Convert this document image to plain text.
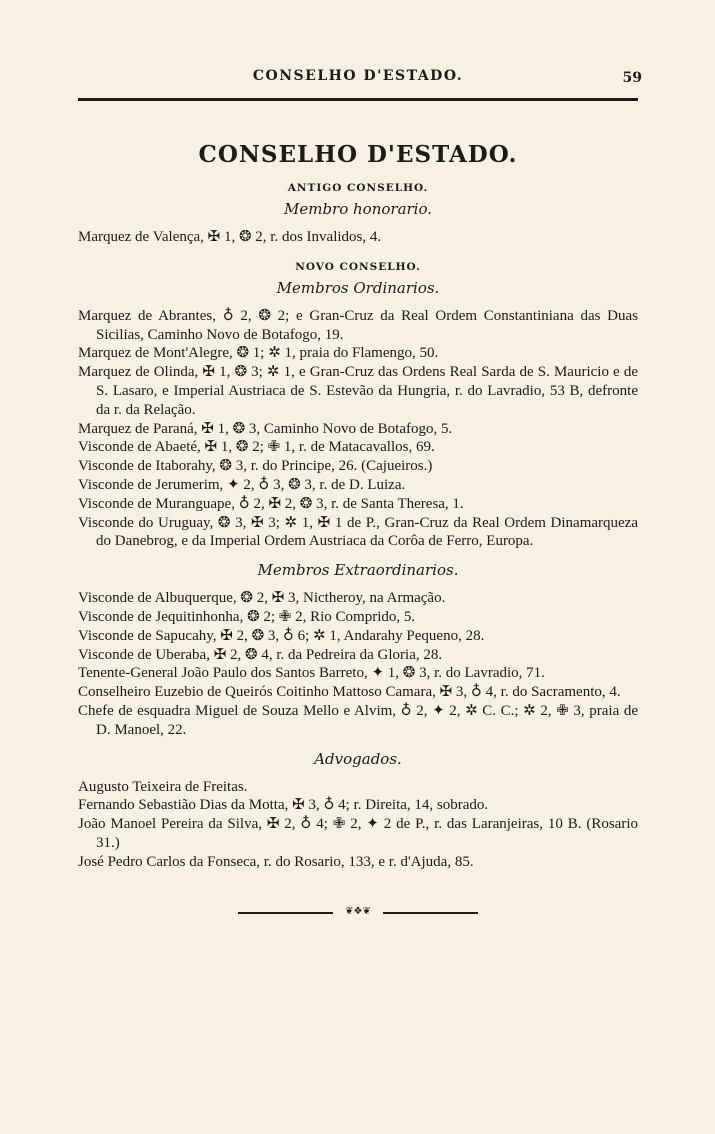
CONSELHO D'ESTADO.	59
CONSELHO D'ESTADO.
ANTIGO CONSELHO.
Membro honorario.
Marquez de Valença, ✠ 1, ❂ 2, r. dos Invalidos, 4.
NOVO CONSELHO.
Membros Ordinarios.
Marquez de Abrantes, ♁ 2, ❂ 2; e Gran-Cruz da Real Ordem Constantiniana das Duas Sicilias, Caminho Novo de Botafogo, 19.
Marquez de Mont'Alegre, ❂ 1; ✲ 1, praia do Flamengo, 50.
Marquez de Olinda, ✠ 1, ❂ 3; ✲ 1, e Gran-Cruz das Ordens Real Sarda de S. Mauricio e de S. Lasaro, e Imperial Austriaca de S. Estevão da Hungria, r. do Lavradio, 53 B, defronte da r. da Relação.
Marquez de Paraná, ✠ 1, ❂ 3, Caminho Novo de Botafogo, 5.
Visconde de Abaeté, ✠ 1, ❂ 2; ✙ 1, r. de Matacavallos, 69.
Visconde de Itaborahy, ❂ 3, r. do Principe, 26. (Cajueiros.)
Visconde de Jerumerim, ✦ 2, ♁ 3, ❂ 3, r. de D. Luiza.
Visconde de Muranguape, ♁ 2, ✠ 2, ❂ 3, r. de Santa Theresa, 1.
Visconde do Uruguay, ❂ 3, ✠ 3; ✲ 1, ✠ 1 de P., Gran-Cruz da Real Ordem Dinamarqueza do Danebrog, e da Imperial Ordem Austriaca da Corôa de Ferro, Europa.
Membros Extraordinarios.
Visconde de Albuquerque, ❂ 2, ✠ 3, Nictheroy, na Armação.
Visconde de Jequitinhonha, ❂ 2; ✙ 2, Rio Comprido, 5.
Visconde de Sapucahy, ✠ 2, ❂ 3, ♁ 6; ✲ 1, Andarahy Pequeno, 28.
Visconde de Uberaba, ✠ 2, ❂ 4, r. da Pedreira da Gloria, 28.
Tenente-General João Paulo dos Santos Barreto, ✦ 1, ❂ 3, r. do Lavradio, 71.
Conselheiro Euzebio de Queirós Coitinho Mattoso Camara, ✠ 3, ♁ 4, r. do Sacramento, 4.
Chefe de esquadra Miguel de Souza Mello e Alvim, ♁ 2, ✦ 2, ✲ C. C.; ✲ 2, ✙ 3, praia de D. Manoel, 22.
Advogados.
Augusto Teixeira de Freitas.
Fernando Sebastião Dias da Motta, ✠ 3, ♁ 4; r. Direita, 14, sobrado.
João Manoel Pereira da Silva, ✠ 2, ♁ 4; ✙ 2, ✦ 2 de P., r. das Laranjeiras, 10 B. (Rosario 31.)
José Pedro Carlos da Fonseca, r. do Rosario, 133, e r. d'Ajuda, 85.
❦❖❦
